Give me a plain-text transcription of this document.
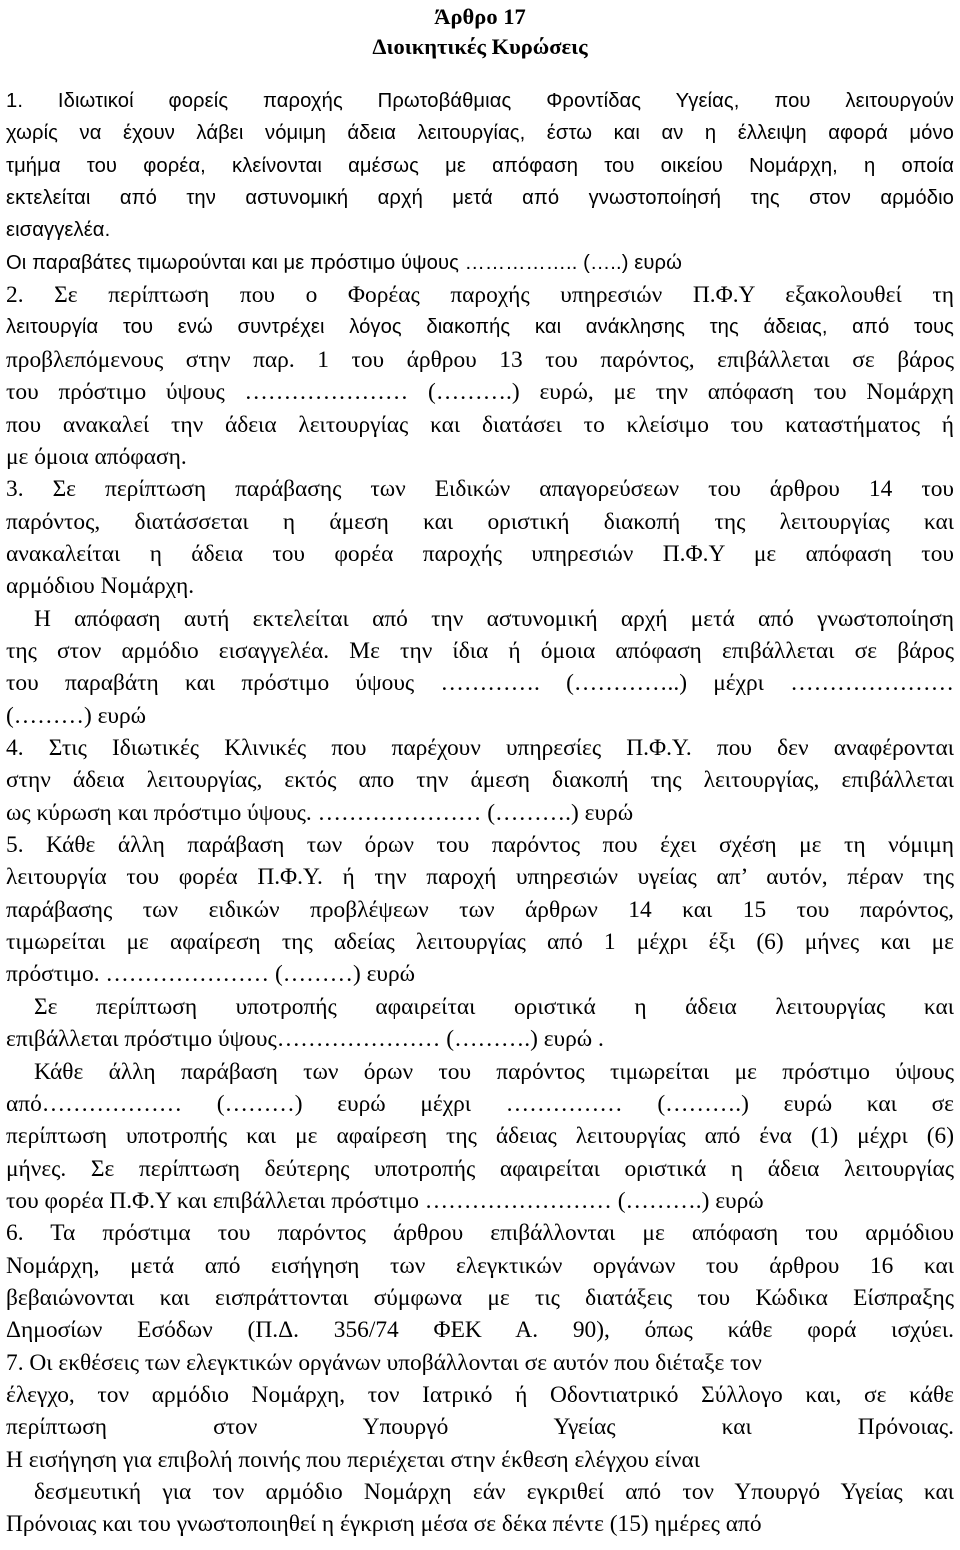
Άρθρο 17
Διοικητικές Κυρώσεις
1. Ιδιωτικοί φορείς παροχής Πρωτοβάθμιας Φροντίδας Υγείας, που λειτουργούν
χωρίς να έχουν λάβει νόμιμη άδεια λειτουργίας, έστω και αν η έλλειψη αφορά μόνο
τμήμα του φορέα, κλείνονται αμέσως με απόφαση του οικείου Νομάρχη, η οποία
εκτελείται από την αστυνομική αρχή μετά από γνωστοποίησή της στον αρμόδιο
εισαγγελέα.
Οι παραβάτες τιμωρούνται και με πρόστιμο ύψους …………….. (…..) ευρώ
2. Σε περίπτωση που ο Φορέας παροχής υπηρεσιών Π.Φ.Υ εξακολουθεί τη
λειτουργία του ενώ συντρέχει λόγος διακοπής και ανάκλησης της άδειας, από τους
προβλεπόμενους στην παρ. 1 του άρθρου 13 του παρόντος, επιβάλλεται σε βάρος
του πρόστιμο ύψους ………………… (……….) ευρώ, με την απόφαση του Νομάρχη
που ανακαλεί την άδεια λειτουργίας και διατάσει το κλείσιμο του καταστήματος ή
με όμοια απόφαση.
3. Σε περίπτωση παράβασης των Ειδικών απαγορεύσεων του άρθρου 14 του
παρόντος, διατάσσεται η άμεση και οριστική διακοπή της λειτουργίας και
ανακαλείται η άδεια του φορέα παροχής υπηρεσιών Π.Φ.Υ με απόφαση του
αρμόδιου Νομάρχη.
Η απόφαση αυτή εκτελείται από την αστυνομική αρχή μετά από γνωστοποίηση
της στον αρμόδιο εισαγγελέα. Με την ίδια ή όμοια απόφαση επιβάλλεται σε βάρος
του παραβάτη και πρόστιμο ύψους …………. (…………..) μέχρι …………………
(………) ευρώ
4. Στις Ιδιωτικές Κλινικές που παρέχουν υπηρεσίες Π.Φ.Υ. που δεν αναφέρονται
στην άδεια λειτουργίας, εκτός απο την άμεση διακοπή της λειτουργίας, επιβάλλεται
ως κύρωση και πρόστιμο ύψους. ………………… (……….) ευρώ
5. Κάθε άλλη παράβαση των όρων του παρόντος που έχει σχέση με τη νόμιμη
λειτουργία του φορέα Π.Φ.Υ. ή την παροχή υπηρεσιών υγείας απ’ αυτόν, πέραν της
παράβασης των ειδικών προβλέψεων των άρθρων 14 και 15 του παρόντος,
τιμωρείται με αφαίρεση της αδείας λειτουργίας από 1 μέχρι έξι (6) μήνες και με
πρόστιμο. ………………… (………) ευρώ
Σε περίπτωση υποτροπής αφαιρείται οριστικά η άδεια λειτουργίας και
επιβάλλεται πρόστιμο ύψους………………… (……….) ευρώ .
Κάθε άλλη παράβαση των όρων του παρόντος τιμωρείται με πρόστιμο ύψους
από……………… (………) ευρώ μέχρι …………… (……….) ευρώ και σε
περίπτωση υποτροπής και με αφαίρεση της άδειας λειτουργίας από ένα (1) μέχρι (6)
μήνες. Σε περίπτωση δεύτερης υποτροπής αφαιρείται οριστικά η άδεια λειτουργίας
του φορέα Π.Φ.Υ και επιβάλλεται πρόστιμο …………………… (……….) ευρώ
6. Τα πρόστιμα του παρόντος άρθρου επιβάλλονται με απόφαση του αρμόδιου
Νομάρχη, μετά από εισήγηση των ελεγκτικών οργάνων του άρθρου 16 και
βεβαιώνονται και εισπράττονται σύμφωνα με τις διατάξεις του Κώδικα Είσπραξης
Δημοσίων Εσόδων (Π.Δ. 356/74 ΦΕΚ Α. 90), όπως κάθε φορά ισχύει.
7. Οι εκθέσεις των ελεγκτικών οργάνων υποβάλλονται σε αυτόν που διέταξε τον
έλεγχο, τον αρμόδιο Νομάρχη, τον Ιατρικό ή Οδοντιατρικό Σύλλογο και, σε κάθε
περίπτωση στον Υπουργό Υγείας και Πρόνοιας.
Η εισήγηση για επιβολή ποινής που περιέχεται στην έκθεση ελέγχου είναι
δεσμευτική για τον αρμόδιο Νομάρχη εάν εγκριθεί από τον Υπουργό Υγείας και
Πρόνοιας και του γνωστοποιηθεί η έγκριση μέσα σε δέκα πέντε (15) ημέρες από
